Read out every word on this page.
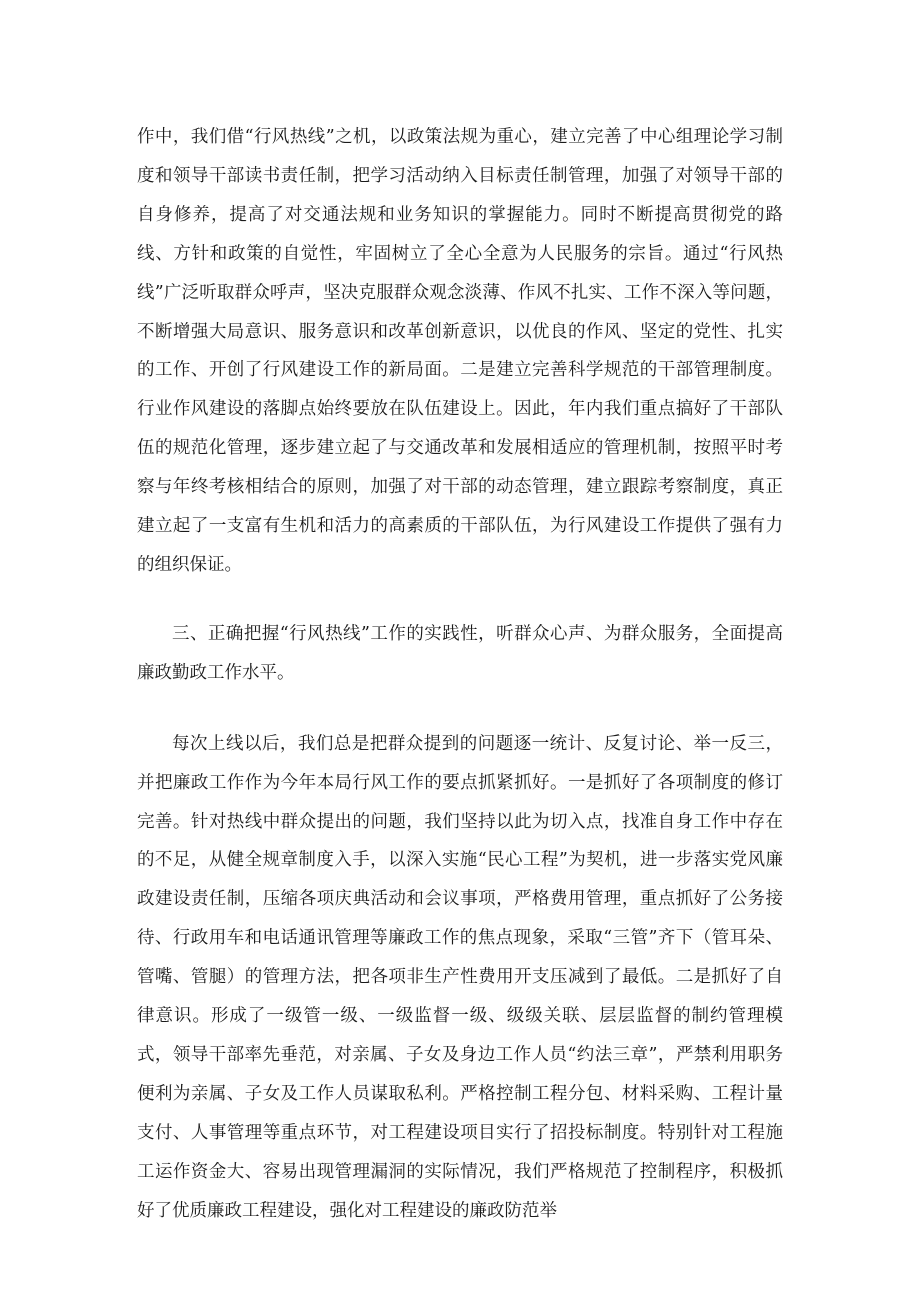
作中，我们借“行风热线”之机，以政策法规为重心，建立完善了中心组理论学习制度和领导干部读书责任制，把学习活动纳入目标责任制管理，加强了对领导干部的自身修养，提高了对交通法规和业务知识的掌握能力。同时不断提高贯彻党的路线、方针和政策的自觉性，牢固树立了全心全意为人民服务的宗旨。通过“行风热线”广泛听取群众呼声，坚决克服群众观念淡薄、作风不扎实、工作不深入等问题，不断增强大局意识、服务意识和改革创新意识，以优良的作风、坚定的党性、扎实的工作、开创了行风建设工作的新局面。二是建立完善科学规范的干部管理制度。行业作风建设的落脚点始终要放在队伍建设上。因此，年内我们重点搞好了干部队伍的规范化管理，逐步建立起了与交通改革和发展相适应的管理机制，按照平时考察与年终考核相结合的原则，加强了对干部的动态管理，建立跟踪考察制度，真正建立起了一支富有生机和活力的高素质的干部队伍，为行风建设工作提供了强有力的组织保证。

三、正确把握“行风热线”工作的实践性，听群众心声、为群众服务，全面提高廉政勤政工作水平。

每次上线以后，我们总是把群众提到的问题逐一统计、反复讨论、举一反三，并把廉政工作作为今年本局行风工作的要点抓紧抓好。一是抓好了各项制度的修订完善。针对热线中群众提出的问题，我们坚持以此为切入点，找准自身工作中存在的不足，从健全规章制度入手，以深入实施“民心工程”为契机，进一步落实党风廉政建设责任制，压缩各项庆典活动和会议事项，严格费用管理，重点抓好了公务接待、行政用车和电话通讯管理等廉政工作的焦点现象，采取“三管”齐下（管耳朵、管嘴、管腿）的管理方法，把各项非生产性费用开支压减到了最低。二是抓好了自律意识。形成了一级管一级、一级监督一级、级级关联、层层监督的制约管理模式，领导干部率先垂范，对亲属、子女及身边工作人员“约法三章”，严禁利用职务便利为亲属、子女及工作人员谋取私利。严格控制工程分包、材料采购、工程计量支付、人事管理等重点环节，对工程建设项目实行了招投标制度。特别针对工程施工运作资金大、容易出现管理漏洞的实际情况，我们严格规范了控制程序，积极抓好了优质廉政工程建设，强化对工程建设的廉政防范举
